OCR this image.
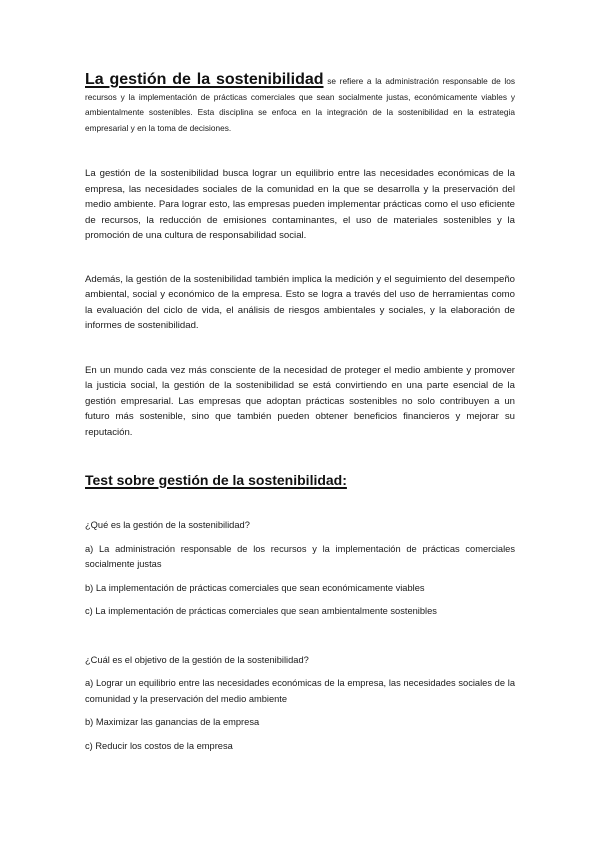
La gestión de la sostenibilidad se refiere a la administración responsable de los recursos y la implementación de prácticas comerciales que sean socialmente justas, económicamente viables y ambientalmente sostenibles. Esta disciplina se enfoca en la integración de la sostenibilidad en la estrategia empresarial y en la toma de decisiones.

La gestión de la sostenibilidad busca lograr un equilibrio entre las necesidades económicas de la empresa, las necesidades sociales de la comunidad en la que se desarrolla y la preservación del medio ambiente. Para lograr esto, las empresas pueden implementar prácticas como el uso eficiente de recursos, la reducción de emisiones contaminantes, el uso de materiales sostenibles y la promoción de una cultura de responsabilidad social.

Además, la gestión de la sostenibilidad también implica la medición y el seguimiento del desempeño ambiental, social y económico de la empresa. Esto se logra a través del uso de herramientas como la evaluación del ciclo de vida, el análisis de riesgos ambientales y sociales, y la elaboración de informes de sostenibilidad.

En un mundo cada vez más consciente de la necesidad de proteger el medio ambiente y promover la justicia social, la gestión de la sostenibilidad se está convirtiendo en una parte esencial de la gestión empresarial. Las empresas que adoptan prácticas sostenibles no solo contribuyen a un futuro más sostenible, sino que también pueden obtener beneficios financieros y mejorar su reputación.

Test sobre gestión de la sostenibilidad:

¿Qué es la gestión de la sostenibilidad?

a) La administración responsable de los recursos y la implementación de prácticas comerciales socialmente justas

b) La implementación de prácticas comerciales que sean económicamente viables

c) La implementación de prácticas comerciales que sean ambientalmente sostenibles

¿Cuál es el objetivo de la gestión de la sostenibilidad?

a) Lograr un equilibrio entre las necesidades económicas de la empresa, las necesidades sociales de la comunidad y la preservación del medio ambiente

b) Maximizar las ganancias de la empresa

c) Reducir los costos de la empresa
